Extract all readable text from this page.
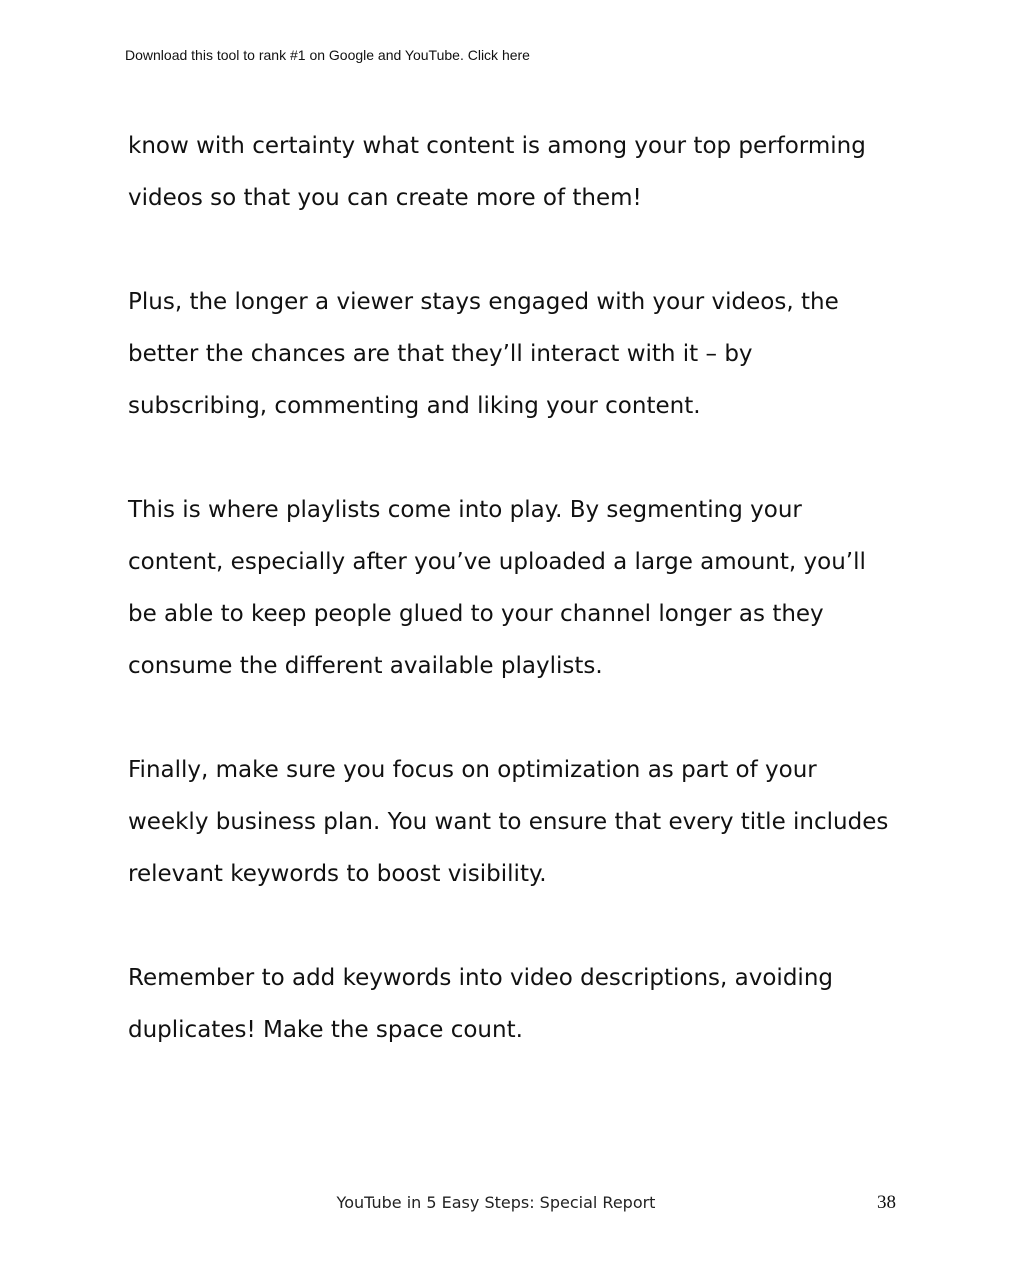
Download this tool to rank #1 on Google and YouTube. Click here

know with certainty what content is among your top performing
videos so that you can create more of them!

Plus, the longer a viewer stays engaged with your videos, the
better the chances are that they’ll interact with it – by
subscribing, commenting and liking your content.

This is where playlists come into play. By segmenting your
content, especially after you’ve uploaded a large amount, you’ll
be able to keep people glued to your channel longer as they
consume the different available playlists.

Finally, make sure you focus on optimization as part of your
weekly business plan. You want to ensure that every title includes
relevant keywords to boost visibility.

Remember to add keywords into video descriptions, avoiding
duplicates! Make the space count.

YouTube in 5 Easy Steps: Special Report	38
